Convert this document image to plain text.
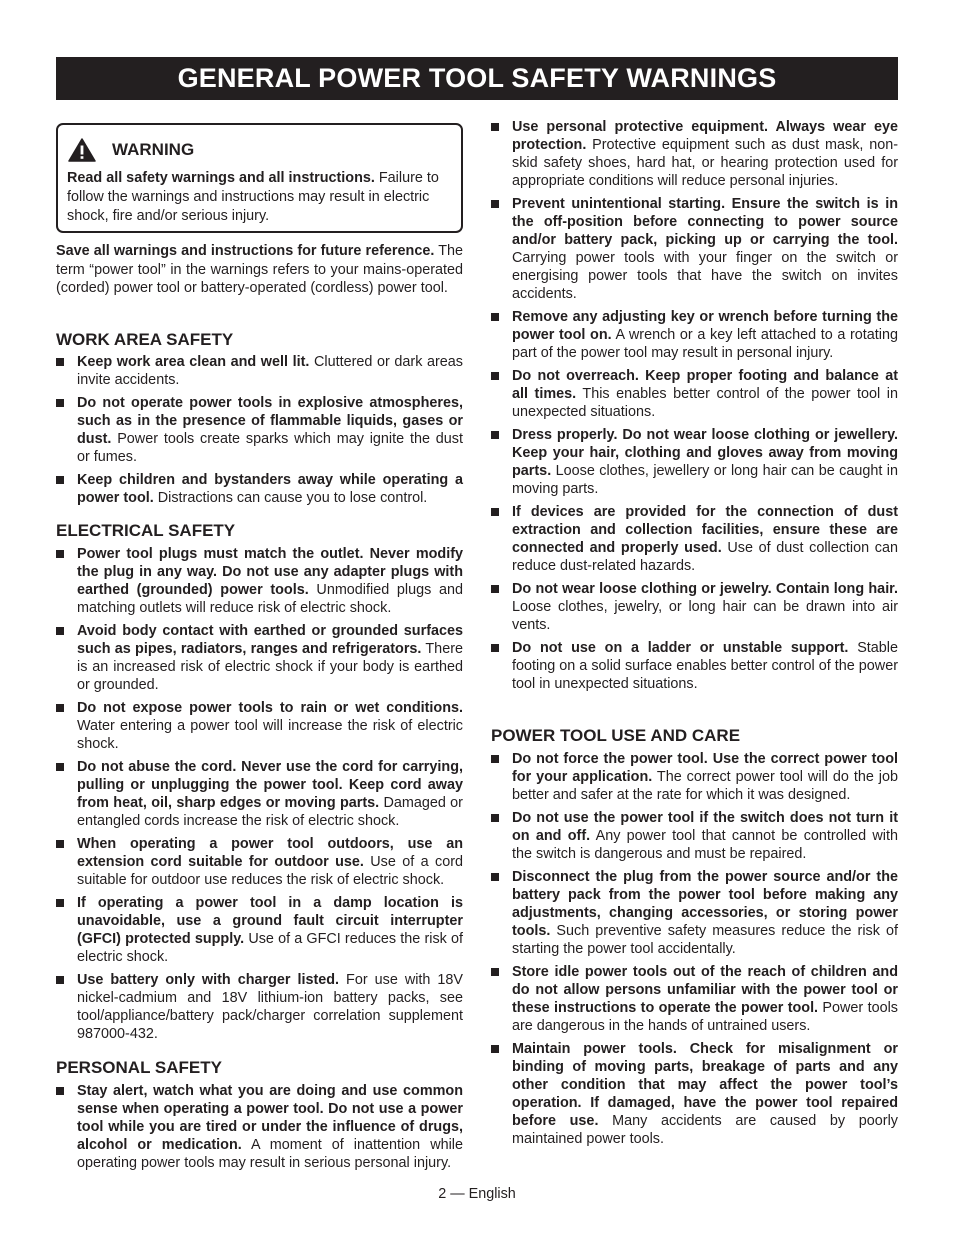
GENERAL POWER TOOL SAFETY WARNINGS
WARNING
Read all safety warnings and all instructions. Failure to follow the warnings and instructions may result in electric shock, fire and/or serious injury.

Save all warnings and instructions for future reference. The term “power tool” in the warnings refers to your mains-operated (corded) power tool or battery-operated (cordless) power tool.

WORK AREA SAFETY
Keep work area clean and well lit. Cluttered or dark areas invite accidents.
Do not operate power tools in explosive atmospheres, such as in the presence of flammable liquids, gases or dust. Power tools create sparks which may ignite the dust or fumes.
Keep children and bystanders away while operating a power tool. Distractions can cause you to lose control.
ELECTRICAL SAFETY
Power tool plugs must match the outlet. Never modify the plug in any way. Do not use any adapter plugs with earthed (grounded) power tools. Unmodified plugs and matching outlets will reduce risk of electric shock.
Avoid body contact with earthed or grounded surfaces such as pipes, radiators, ranges and refrigerators. There is an increased risk of electric shock if your body is earthed or grounded.
Do not expose power tools to rain or wet conditions. Water entering a power tool will increase the risk of electric shock.
Do not abuse the cord. Never use the cord for carrying, pulling or unplugging the power tool. Keep cord away from heat, oil, sharp edges or moving parts. Damaged or entangled cords increase the risk of electric shock.
When operating a power tool outdoors, use an extension cord suitable for outdoor use. Use of a cord suitable for outdoor use reduces the risk of electric shock.
If operating a power tool in a damp location is unavoidable, use a ground fault circuit interrupter (GFCI) protected supply. Use of a GFCI reduces the risk of electric shock.
Use battery only with charger listed. For use with 18V nickel-cadmium and 18V lithium-ion battery packs, see tool/appliance/battery pack/charger correlation supplement 987000-432.
PERSONAL SAFETY
Stay alert, watch what you are doing and use common sense when operating a power tool. Do not use a power tool while you are tired or under the influence of drugs, alcohol or medication. A moment of inattention while operating power tools may result in serious personal injury.
Use personal protective equipment. Always wear eye protection. Protective equipment such as dust mask, non-skid safety shoes, hard hat, or hearing protection used for appropriate conditions will reduce personal injuries.
Prevent unintentional starting. Ensure the switch is in the off-position before connecting to power source and/or battery pack, picking up or carrying the tool. Carrying power tools with your finger on the switch or energising power tools that have the switch on invites accidents.
Remove any adjusting key or wrench before turning the power tool on. A wrench or a key left attached to a rotating part of the power tool may result in personal injury.
Do not overreach. Keep proper footing and balance at all times. This enables better control of the power tool in unexpected situations.
Dress properly. Do not wear loose clothing or jewellery. Keep your hair, clothing and gloves away from moving parts. Loose clothes, jewellery or long hair can be caught in moving parts.
If devices are provided for the connection of dust extraction and collection facilities, ensure these are connected and properly used. Use of dust collection can reduce dust-related hazards.
Do not wear loose clothing or jewelry. Contain long hair. Loose clothes, jewelry, or long hair can be drawn into air vents.
Do not use on a ladder or unstable support. Stable footing on a solid surface enables better control of the power tool in unexpected situations.
POWER TOOL USE AND CARE
Do not force the power tool. Use the correct power tool for your application. The correct power tool will do the job better and safer at the rate for which it was designed.
Do not use the power tool if the switch does not turn it on and off. Any power tool that cannot be controlled with the switch is dangerous and must be repaired.
Disconnect the plug from the power source and/or the battery pack from the power tool before making any adjustments, changing accessories, or storing power tools. Such preventive safety measures reduce the risk of starting the power tool accidentally.
Store idle power tools out of the reach of children and do not allow persons unfamiliar with the power tool or these instructions to operate the power tool. Power tools are dangerous in the hands of untrained users.
Maintain power tools. Check for misalignment or binding of moving parts, breakage of parts and any other condition that may affect the power tool’s operation. If damaged, have the power tool repaired before use. Many accidents are caused by poorly maintained power tools.
2 — English
